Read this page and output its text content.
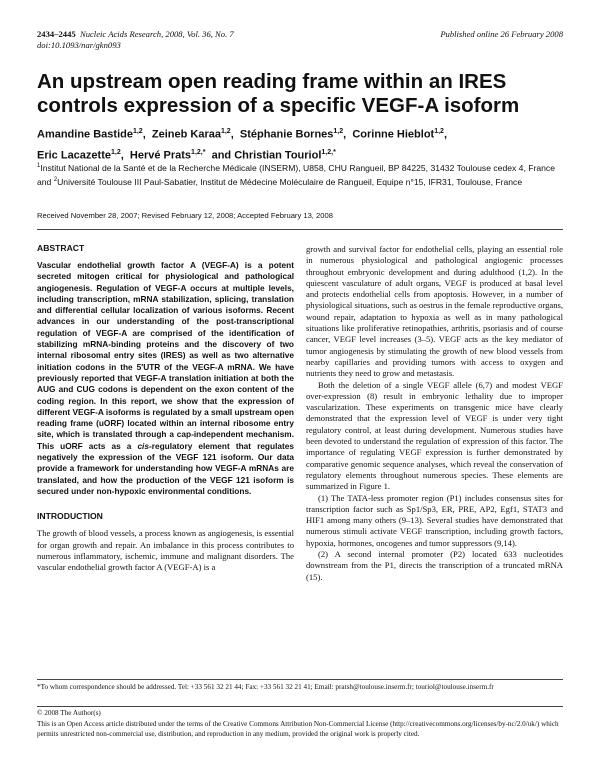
2434–2445 Nucleic Acids Research, 2008, Vol. 36, No. 7
doi:10.1093/nar/gkn093
Published online 26 February 2008
An upstream open reading frame within an IRES controls expression of a specific VEGF-A isoform
Amandine Bastide$^{1,2}$,  Zeineb Karaa$^{1,2}$,  Stéphanie Bornes$^{1,2}$,  Corinne Hieblot$^{1,2}$,
Eric Lacazette$^{1,2}$,  Hervé Prats$^{1,2,*}$ and Christian Touriol$^{1,2,*}$
$^1$Institut National de la Santé et de la Recherche Médicale (INSERM), U858, CHU Rangueil, BP 84225, 31432 Toulouse cedex 4, France and $^2$Université Toulouse III Paul-Sabatier, Institut de Médecine Moléculaire de Rangueil, Equipe n°15, IFR31, Toulouse, France
Received November 28, 2007; Revised February 12, 2008; Accepted February 13, 2008
ABSTRACT

Vascular endothelial growth factor A (VEGF-A) is a potent secreted mitogen critical for physiological and pathological angiogenesis. Regulation of VEGF-A occurs at multiple levels, including transcription, mRNA stabilization, splicing, translation and differential cellular localization of various isoforms. Recent advances in our understanding of the post-transcriptional regulation of VEGF-A are comprised of the identification of stabilizing mRNA-binding proteins and the discovery of two internal ribosomal entry sites (IRES) as well as two alternative initiation codons in the 5′UTR of the VEGF-A mRNA. We have previously reported that VEGF-A translation initiation at both the AUG and CUG codons is dependent on the exon content of the coding region. In this report, we show that the expression of different VEGF-A isoforms is regulated by a small upstream open reading frame (uORF) located within an internal ribosome entry site, which is translated through a cap-independent mechanism. This uORF acts as a cis-regulatory element that regulates negatively the expression of the VEGF 121 isoform. Our data provide a framework for understanding how VEGF-A mRNAs are translated, and how the production of the VEGF 121 isoform is secured under non-hypoxic environmental conditions.

INTRODUCTION

The growth of blood vessels, a process known as angiogenesis, is essential for organ growth and repair. An imbalance in this process contributes to numerous inflammatory, ischemic, immune and malignant disorders. The vascular endothelial growth factor A (VEGF-A) is a

growth and survival factor for endothelial cells, playing an essential role in numerous physiological and pathological angiogenic processes throughout embryonic development and during adulthood (1,2). In the quiescent vasculature of adult organs, VEGF is produced at basal level and protects endothelial cells from apoptosis. However, in a number of physiological situations, such as oestrus in the female reproductive organs, wound repair, adaptation to hypoxia as well as in many pathological situations like proliferative retinopathies, arthritis, psoriasis and of course cancer, VEGF level increases (3–5). VEGF acts as the key mediator of tumor angiogenesis by stimulating the growth of new blood vessels from nearby capillaries and providing tumors with access to oxygen and nutrients they need to grow and metastasis.

Both the deletion of a single VEGF allele (6,7) and modest VEGF over-expression (8) result in embryonic lethality due to improper vascularization. These experiments on transgenic mice have clearly demonstrated that the expression level of VEGF is under very tight regulatory control, at least during development. Numerous studies have been devoted to understand the regulation of expression of this factor. The importance of regulating VEGF expression is further demonstrated by comparative genomic sequence analyses, which reveal the conservation of regulatory elements throughout numerous species. These elements are summarized in Figure 1.

(1) The TATA-less promoter region (P1) includes consensus sites for transcription factor such as Sp1/Sp3, ER, PRE, AP2, Egf1, STAT3 and HIF1 among many others (9–13). Several studies have demonstrated that numerous stimuli activate VEGF transcription, including growth factors, hypoxia, hormones, oncogenes and tumor suppressors (9,14).

(2) A second internal promoter (P2) located 633 nucleotides downstream from the P1, directs the transcription of a truncated mRNA (15).

*To whom correspondence should be addressed. Tel: +33 561 32 21 44; Fax: +33 561 32 21 41; Email: pratsh@toulouse.inserm.fr; touriol@toulouse.inserm.fr
© 2008 The Author(s)
This is an Open Access article distributed under the terms of the Creative Commons Attribution Non-Commercial License (http://creativecommons.org/licenses/by-nc/2.0/uk/) which permits unrestricted non-commercial use, distribution, and reproduction in any medium, provided the original work is properly cited.
